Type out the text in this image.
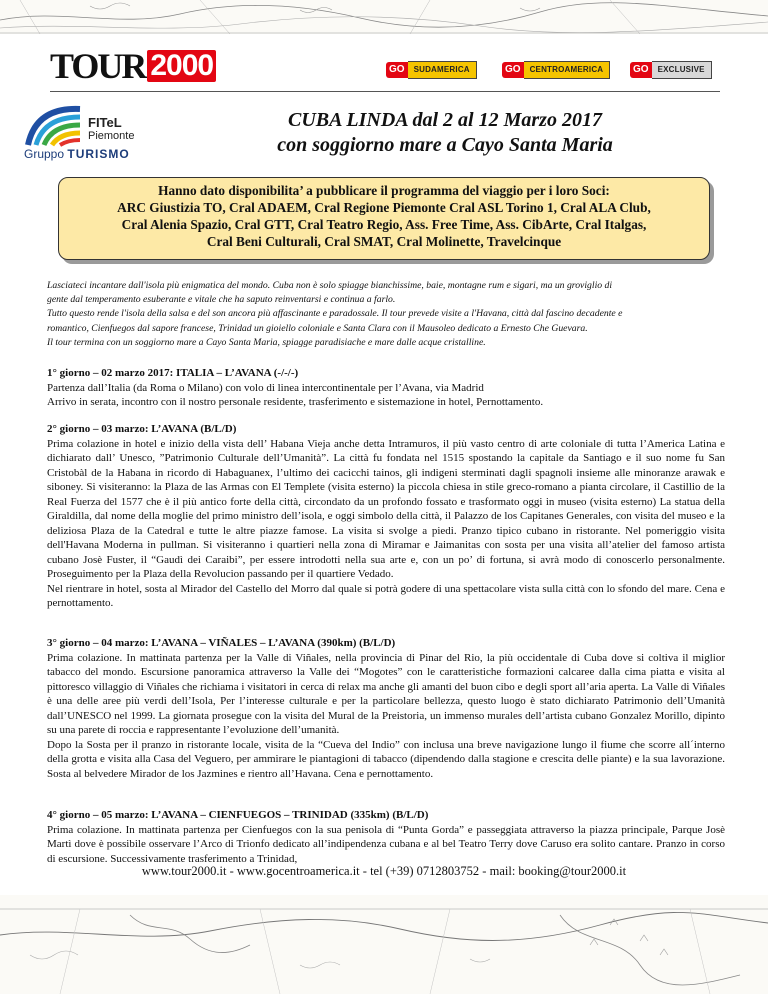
TOUR 2000	GO	SUDAMERICA	GO	CENTROAMERICA	GO	EXCLUSIVE
FITeL
Piemonte
Gruppo TURISMO
CUBA LINDA dal 2 al 12 Marzo 2017
con soggiorno mare a Cayo Santa Maria
Hanno dato disponibilita’ a pubblicare il programma del viaggio per i loro Soci:
ARC Giustizia TO, Cral ADAEM, Cral Regione Piemonte Cral ASL Torino 1, Cral ALA Club,
Cral Alenia Spazio, Cral GTT, Cral Teatro Regio, Ass. Free Time, Ass. CibArte, Cral Italgas,
Cral Beni Culturali, Cral SMAT, Cral Molinette, Travelcinque
Lasciateci incantare dall'isola più enigmatica del mondo. Cuba non è solo spiagge bianchissime, baie, montagne rum e sigari, ma un groviglio di
gente dal temperamento esuberante e vitale che ha saputo reinventarsi e continua a farlo.
Tutto questo rende l'isola della salsa e del son ancora più affascinante e paradossale. Il tour prevede visite a l'Havana, città dal fascino decadente e
romantico, Cienfuegos dal sapore francese, Trinidad un gioiello coloniale e Santa Clara con il Mausoleo dedicato a Ernesto Che Guevara.
Il tour termina con un soggiorno mare a Cayo Santa Maria, spiagge paradisiache e mare dalle acque cristalline.
1° giorno – 02 marzo 2017: ITALIA – L’AVANA (-/-/-)

Partenza dall’Italia (da Roma o Milano) con volo di linea intercontinentale per l’Avana, via Madrid
Arrivo in serata, incontro con il nostro personale residente, trasferimento e sistemazione in hotel, Pernottamento.

2° giorno – 03 marzo: L’AVANA (B/L/D)

Prima colazione in hotel e inizio della vista dell’ Habana Vieja anche detta Intramuros, il più vasto centro di arte coloniale di tutta l’America Latina e dichiarato dall’ Unesco, ”Patrimonio Culturale dell’Umanità”. La città fu fondata nel 1515 spostando la capitale da Santiago e il suo nome fu San Cristobàl de la Habana in ricordo di Habaguanex, l’ultimo dei cacicchi tainos, gli indigeni sterminati dagli spagnoli insieme alle minoranze arawak e siboney. Si visiteranno: la Plaza de las Armas con El Templete (visita esterno) la piccola chiesa in stile greco-romano a pianta circolare, il Castillio de la Real Fuerza del 1577 che è il più antico forte della città, circondato da un profondo fossato e trasformato oggi in museo (visita esterno) La statua della Giraldilla, dal nome della moglie del primo ministro dell’isola, e oggi simbolo della città, il Palazzo de los Capitanes Generales, con visita del museo e la deliziosa Plaza de la Catedral e tutte le altre piazze famose. La visita si svolge a piedi. Pranzo tipico cubano in ristorante. Nel pomeriggio visita dell'Havana Moderna in pullman. Si visiteranno i quartieri nella zona di Miramar e Jaimanitas con sosta per una visita all’atelier del famoso artista cubano Josè Fuster, il “Gaudì dei Caraibi”, per essere introdotti nella sua arte e, con un po’ di fortuna, si avrà modo di conoscerlo personalmente. Proseguimento per la Plaza della Revolucion passando per il quartiere Vedado.
Nel rientrare in hotel, sosta al Mirador del Castello del Morro dal quale si potrà godere di una spettacolare vista sulla città con lo sfondo del mare. Cena e pernottamento.

3° giorno – 04 marzo: L’AVANA – VIÑALES – L’AVANA (390km) (B/L/D)

Prima colazione. In mattinata partenza per la Valle di Viñales, nella provincia di Pinar del Rio, la più occidentale di Cuba dove si coltiva il miglior tabacco del mondo. Escursione panoramica attraverso la Valle dei “Mogotes” con le caratteristiche formazioni calcaree dalla cima piatta e visita al pittoresco villaggio di Viñales che richiama i visitatori in cerca di relax ma anche gli amanti del buon cibo e degli sport all’aria aperta. La Valle di Viñales è una delle aree più verdi dell’Isola, Per l’interesse culturale e per la particolare bellezza, questo luogo è stato dichiarato Patrimonio dell’Umanità dall’UNESCO nel 1999. La giornata prosegue con la visita del Mural de la Preistoria, un immenso murales dell’artista cubano Gonzalez Morillo, dipinto su una parete di roccia e rappresentante l’evoluzione dell’umanità.
Dopo la Sosta per il pranzo in ristorante locale, visita de la “Cueva del Indio” con inclusa una breve navigazione lungo il fiume che scorre all´interno della grotta e visita alla Casa del Veguero, per ammirare le piantagioni di tabacco (dipendendo dalla stagione e crescita delle piante) e la sua lavorazione. Sosta al belvedere Mirador de los Jazmines e rientro all’Havana. Cena e pernottamento.

4° giorno – 05 marzo: L’AVANA – CIENFUEGOS – TRINIDAD (335km) (B/L/D)

Prima colazione. In mattinata partenza per Cienfuegos con la sua penisola di “Punta Gorda” e passeggiata attraverso la piazza principale, Parque Josè Martì dove è possibile osservare l’Arco di Trionfo dedicato all’indipendenza cubana e al bel Teatro Terry dove Caruso era solito cantare. Pranzo in corso di escursione. Successivamente trasferimento a Trinidad,

www.tour2000.it - www.gocentroamerica.it - tel (+39) 0712803752 - mail: booking@tour2000.it
